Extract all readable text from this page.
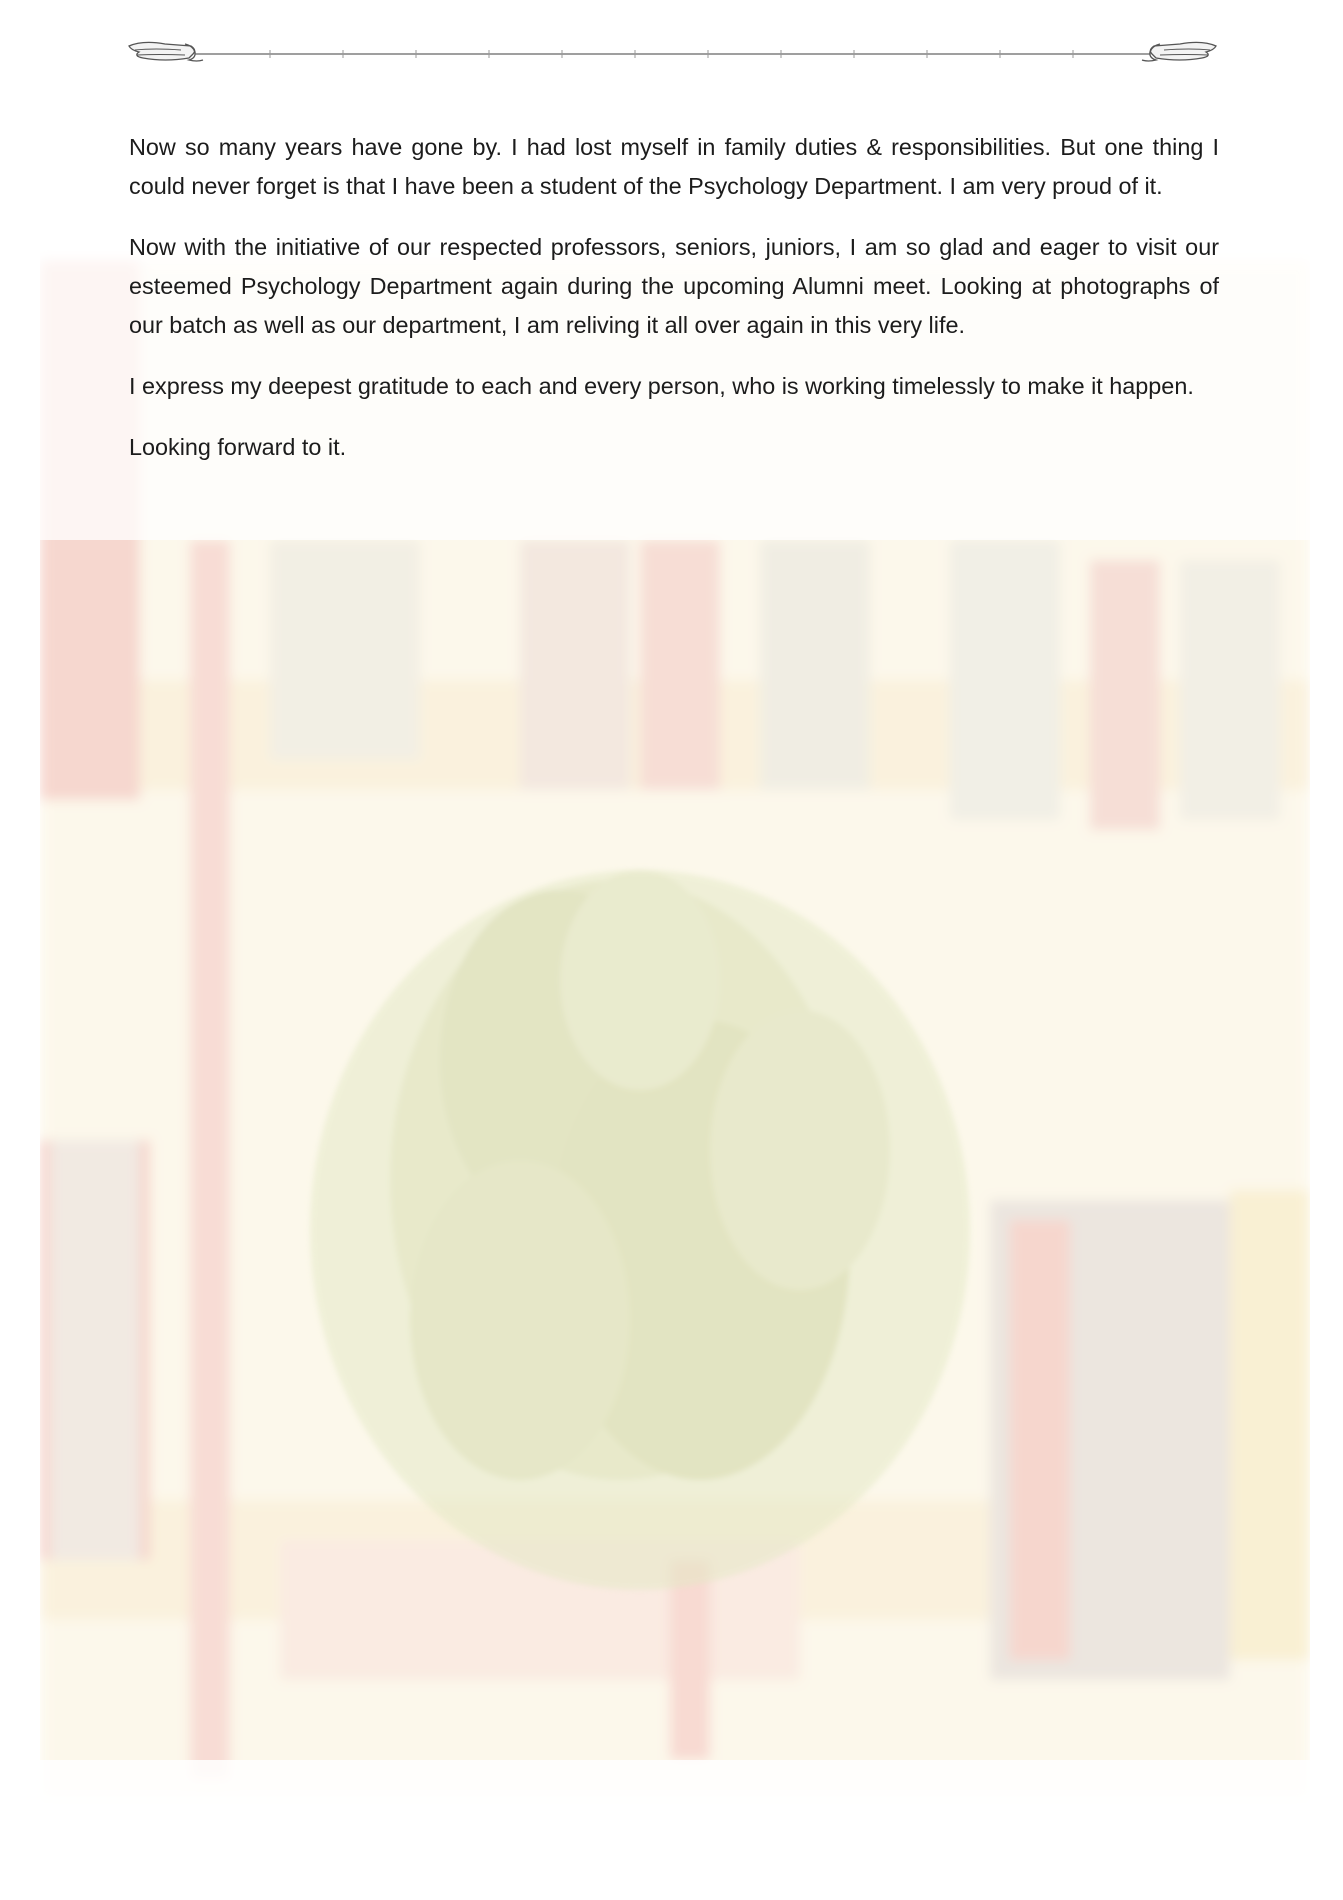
Now so many years have gone by. I had lost myself in family duties & responsibilities. But one thing I could never forget is that I have been a student of the Psychology Department. I am very proud of it.

Now with the initiative of our respected professors, seniors, juniors, I am so glad and eager to visit our esteemed Psychology Department again during the upcoming Alumni meet. Looking at photographs of our batch as well as our department, I am reliving it all over again in this very life.

I express my deepest gratitude to each and every person, who is working timelessly to make it happen.

Looking forward to it.
